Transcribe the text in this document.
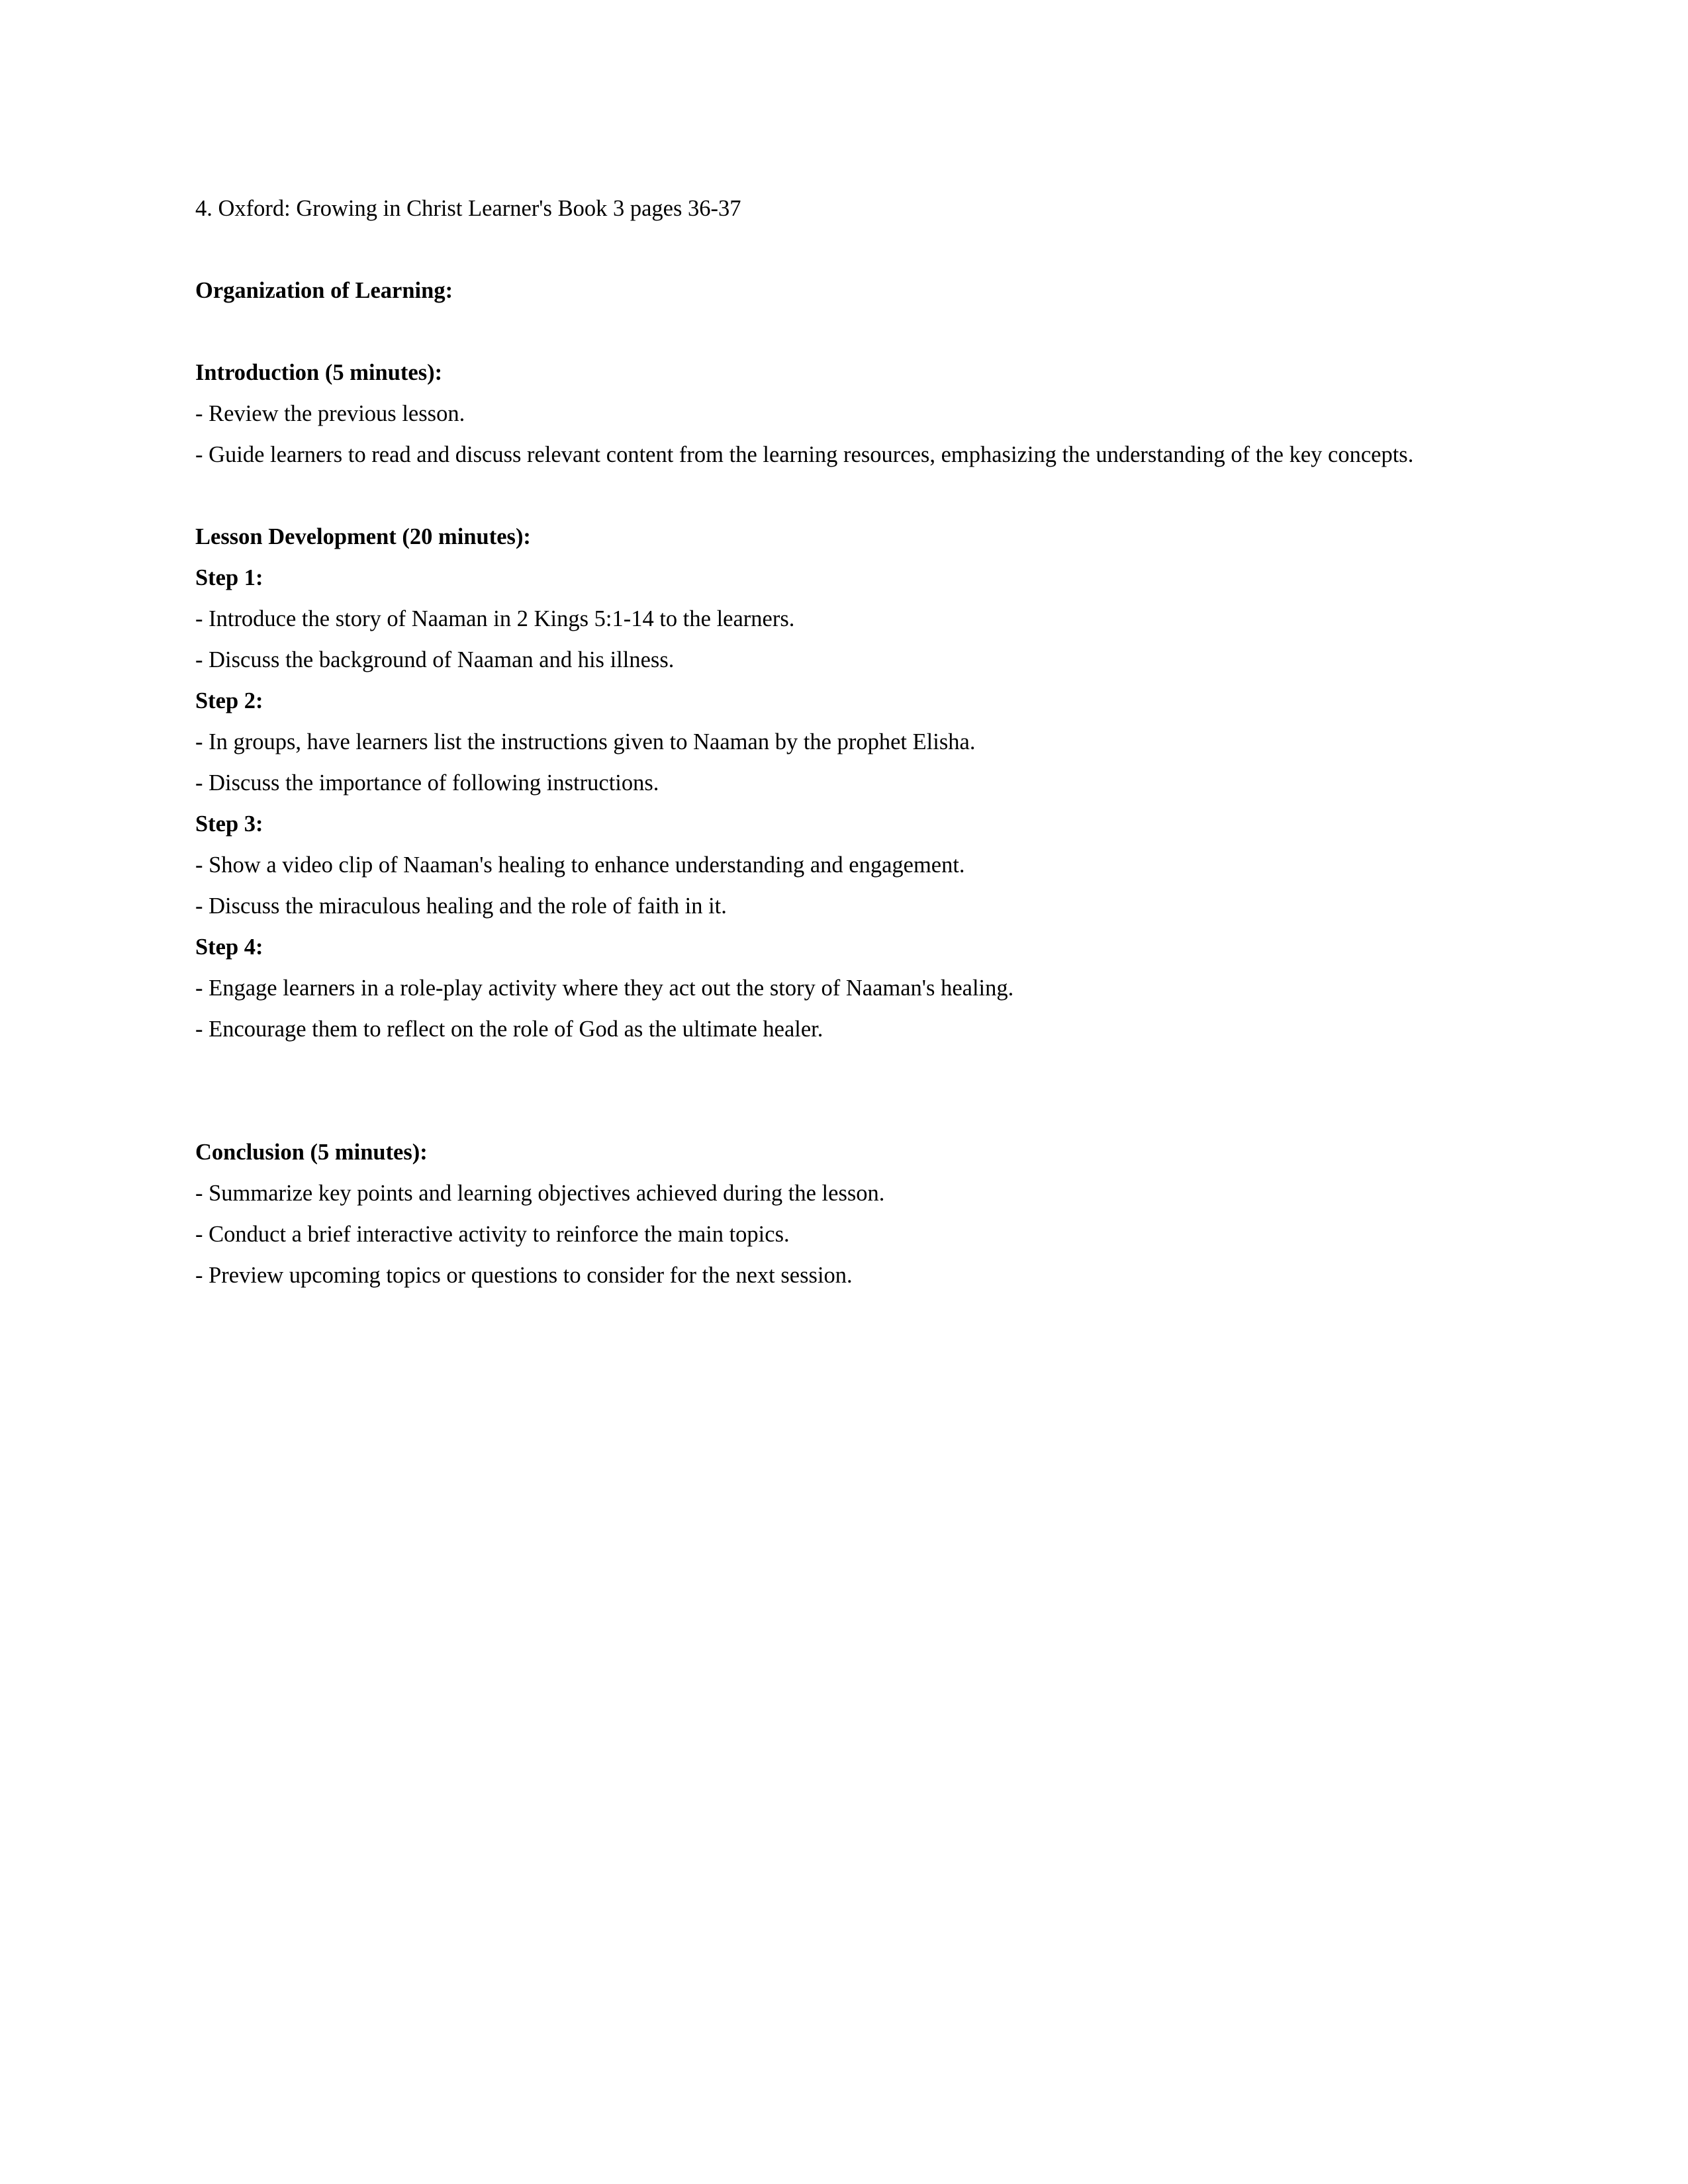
4. Oxford: Growing in Christ Learner's Book 3 pages 36-37

Organization of Learning:

Introduction (5 minutes):

- Review the previous lesson.

- Guide learners to read and discuss relevant content from the learning resources, emphasizing the understanding of the key concepts.

Lesson Development (20 minutes):

Step 1:

- Introduce the story of Naaman in 2 Kings 5:1-14 to the learners.

- Discuss the background of Naaman and his illness.

Step 2:

- In groups, have learners list the instructions given to Naaman by the prophet Elisha.

- Discuss the importance of following instructions.

Step 3:

- Show a video clip of Naaman's healing to enhance understanding and engagement.

- Discuss the miraculous healing and the role of faith in it.

Step 4:

- Engage learners in a role-play activity where they act out the story of Naaman's healing.

- Encourage them to reflect on the role of God as the ultimate healer.

Conclusion (5 minutes):

- Summarize key points and learning objectives achieved during the lesson.

- Conduct a brief interactive activity to reinforce the main topics.

- Preview upcoming topics or questions to consider for the next session.
